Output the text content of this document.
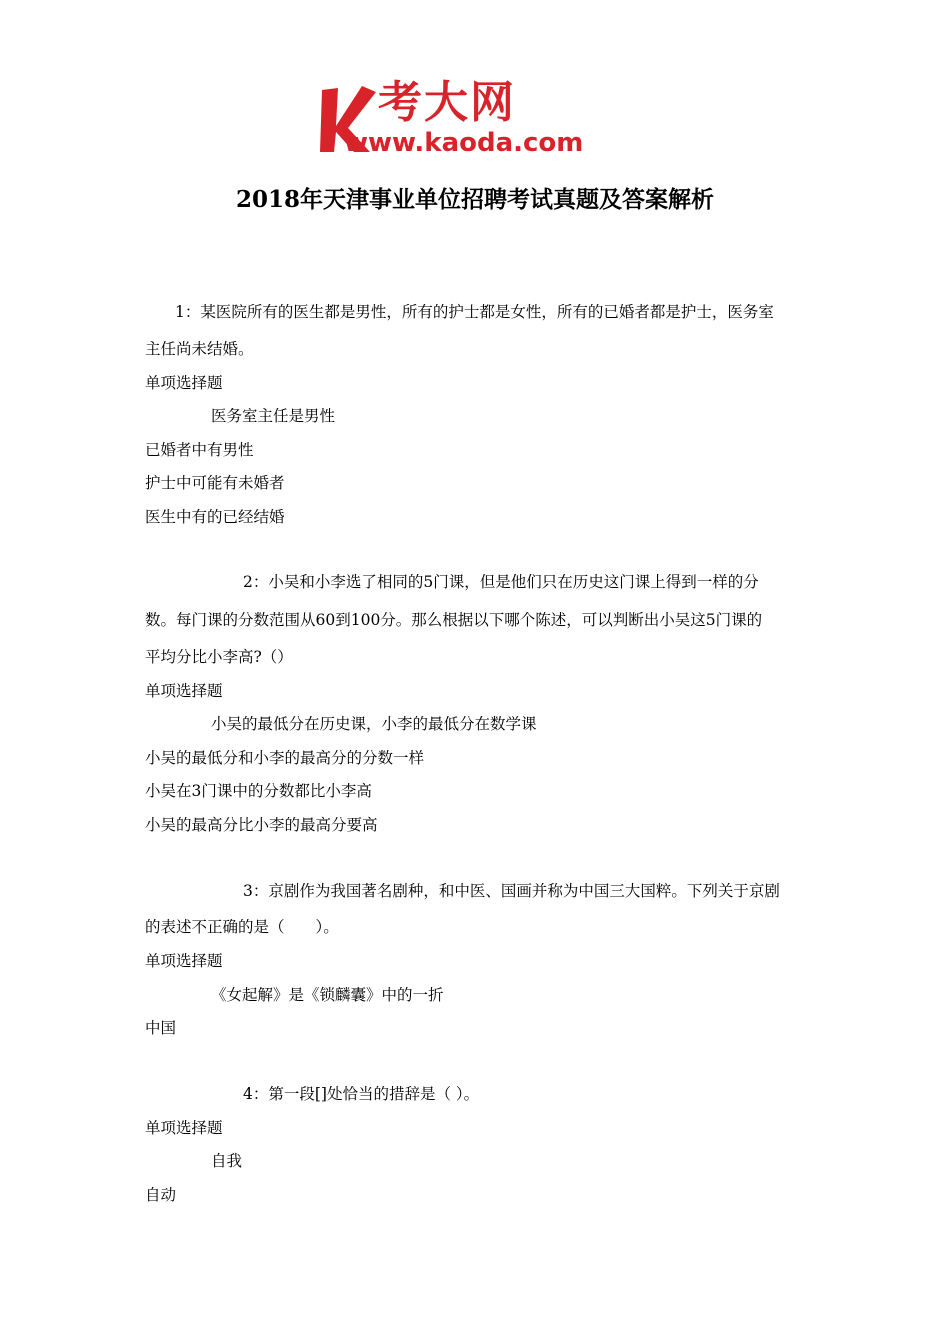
考大网
www.kaoda.com
2018年天津事业单位招聘考试真题及答案解析
1：某医院所有的医生都是男性，所有的护士都是女性，所有的已婚者都是护士，医务室
主任尚未结婚。
单项选择题
医务室主任是男性
已婚者中有男性
护士中可能有未婚者
医生中有的已经结婚
2：小吴和小李选了相同的5门课，但是他们只在历史这门课上得到一样的分
数。每门课的分数范围从60到100分。那么根据以下哪个陈述，可以判断出小吴这5门课的
平均分比小李高?（）
单项选择题
小吴的最低分在历史课，小李的最低分在数学课
小吴的最低分和小李的最高分的分数一样
小吴在3门课中的分数都比小李高
小吴的最高分比小李的最高分要高
3：京剧作为我国著名剧种，和中医、国画并称为中国三大国粹。下列关于京剧
的表述不正确的是（　　）。
单项选择题
《女起解》是《锁麟囊》中的一折
中国
4：第一段[]处恰当的措辞是（ ）。
单项选择题
自我
自动
